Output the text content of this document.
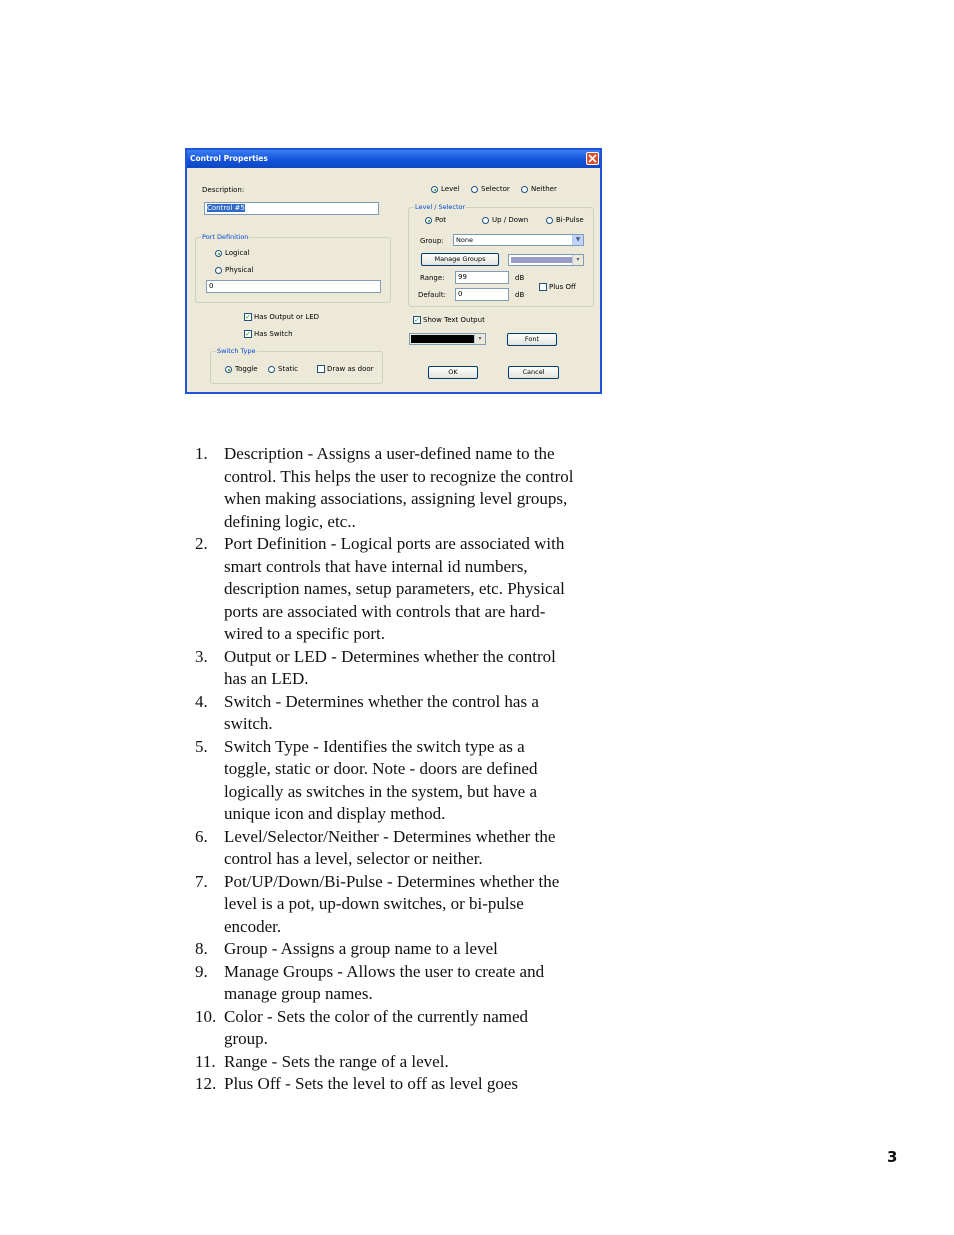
Control Properties
Description:
Control #5
Port Definition
Logical
Physical
0
✓ Has Output or LED
✓ Has Switch
Switch Type
Toggle	Static	Draw as door
Level	Selector	Neither
Level / Selector
Pot	Up / Down	Bi-Pulse
Group:	None	▼
Manage Groups	▾
Range:	99	dB
Plus Off
Default:	0	dB
✓ Show Text Output
▾	Font
OK	Cancel
1. Description - Assigns a user-defined name to the control. This helps the user to recognize the control when making associations, assigning level groups, defining logic, etc..
2. Port Definition - Logical ports are associated with smart controls that have internal id numbers, description names, setup parameters, etc. Physical ports are associated with controls that are hard-wired to a specific port.
3. Output or LED - Determines whether the control has an LED.
4. Switch - Determines whether the control has a switch.
5. Switch Type - Identifies the switch type as a toggle, static or door. Note - doors are defined logically as switches in the system, but have a unique icon and display method.
6. Level/Selector/Neither - Determines whether the control has a level, selector or neither.
7. Pot/UP/Down/Bi-Pulse - Determines whether the level is a pot, up-down switches, or bi-pulse encoder.
8. Group - Assigns a group name to a level
9. Manage Groups - Allows the user to create and manage group names.
10. Color - Sets the color of the currently named group.
11. Range - Sets the range of a level.
12. Plus Off - Sets the level to off as level goes
3
